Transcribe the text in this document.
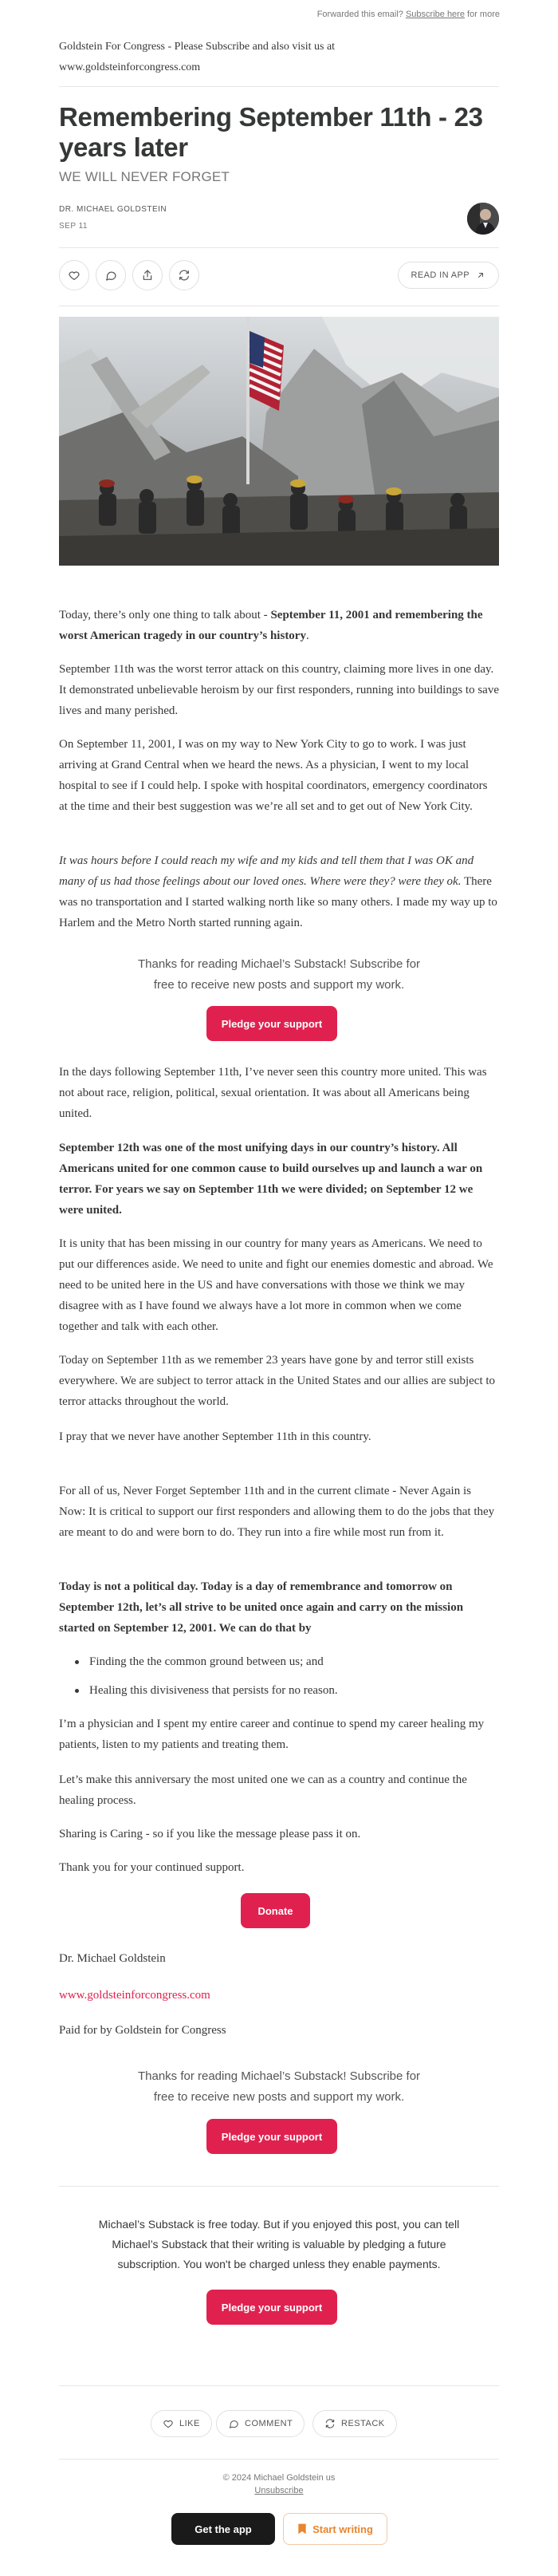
Forwarded this email? Subscribe here for more
Goldstein For Congress - Please Subscribe and also visit us at
www.goldsteinforcongress.com
Remembering September 11th - 23
years later
WE WILL NEVER FORGET
DR. MICHAEL GOLDSTEIN
SEP 11
READ IN APP

Today, there’s only one thing to talk about - September 11, 2001 and remembering the worst American tragedy in our country’s history.

September 11th was the worst terror attack on this country, claiming more lives in one day. It demonstrated unbelievable heroism by our first responders, running into buildings to save lives and many perished.

On September 11, 2001, I was on my way to New York City to go to work. I was just arriving at Grand Central when we heard the news. As a physician, I went to my local hospital to see if I could help. I spoke with hospital coordinators, emergency coordinators at the time and their best suggestion was we’re all set and to get out of New York City.

It was hours before I could reach my wife and my kids and tell them that I was OK and many of us had those feelings about our loved ones. Where were they? were they ok. There was no transportation and I started walking north like so many others. I made my way up to Harlem and the Metro North started running again.

Thanks for reading Michael’s Substack! Subscribe for
free to receive new posts and support my work.
Pledge your support

In the days following September 11th, I’ve never seen this country more united. This was not about race, religion, political, sexual orientation. It was about all Americans being united.

September 12th was one of the most unifying days in our country’s history. All Americans united for one common cause to build ourselves up and launch a war on terror. For years we say on September 11th we were divided; on September 12 we were united.

It is unity that has been missing in our country for many years as Americans. We need to put our differences aside. We need to unite and fight our enemies domestic and abroad. We need to be united here in the US and have conversations with those we think we may disagree with as I have found we always have a lot more in common when we come together and talk with each other.

Today on September 11th as we remember 23 years have gone by and terror still exists everywhere. We are subject to terror attack in the United States and our allies are subject to terror attacks throughout the world.

I pray that we never have another September 11th in this country.

For all of us, Never Forget September 11th and in the current climate - Never Again is Now: It is critical to support our first responders and allowing them to do the jobs that they are meant to do and were born to do. They run into a fire while most run from it.

Today is not a political day. Today is a day of remembrance and tomorrow on September 12th, let’s all strive to be united once again and carry on the mission started on September 12, 2001. We can do that by

Finding the the common ground between us; and
Healing this divisiveness that persists for no reason.

I’m a physician and I spent my entire career and continue to spend my career healing my patients, listen to my patients and treating them.

Let’s make this anniversary the most united one we can as a country and continue the healing process.

Sharing is Caring - so if you like the message please pass it on.

Thank you for your continued support.

Donate

Dr. Michael Goldstein

www.goldsteinforcongress.com

Paid for by Goldstein for Congress

Thanks for reading Michael’s Substack! Subscribe for
free to receive new posts and support my work.
Pledge your support
Michael’s Substack is free today. But if you enjoyed this post, you can tell
Michael’s Substack that their writing is valuable by pledging a future
subscription. You won't be charged unless they enable payments.
Pledge your support
LIKE	COMMENT	RESTACK
© 2024 Michael Goldstein us
Unsubscribe
Get the app	Start writing
